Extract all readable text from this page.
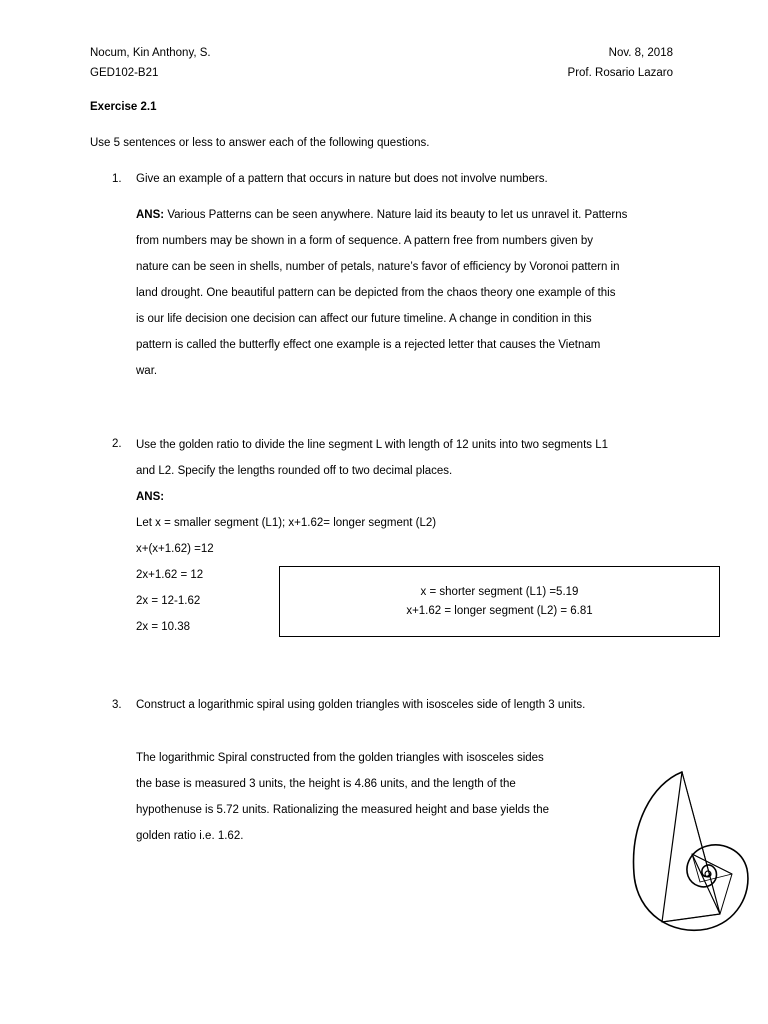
Nocum, Kin Anthony, S.
GED102-B21
Nov. 8, 2018
Prof. Rosario Lazaro
Exercise 2.1
Use 5 sentences or less to answer each of the following questions.
1. Give an example of a pattern that occurs in nature but does not involve numbers.
ANS: Various Patterns can be seen anywhere. Nature laid its beauty to let us unravel it. Patterns
from numbers may be shown in a form of sequence. A pattern free from numbers given by
nature can be seen in shells, number of petals, nature’s favor of efficiency by Voronoi pattern in
land drought. One beautiful pattern can be depicted from the chaos theory one example of this
is our life decision one decision can affect our future timeline. A change in condition in this
pattern is called the butterfly effect one example is a rejected letter that causes the Vietnam
war.
2. Use the golden ratio to divide the line segment L with length of 12 units into two segments L1
and L2. Specify the lengths rounded off to two decimal places.
ANS:
Let x = smaller segment (L1); x+1.62= longer segment (L2)
x+(x+1.62) =12
2x+1.62 = 12
2x = 12-1.62
2x = 10.38
x = shorter segment (L1) =5.19
x+1.62 = longer segment (L2) = 6.81
3. Construct a logarithmic spiral using golden triangles with isosceles side of length 3 units.
The logarithmic Spiral constructed from the golden triangles with isosceles sides
the base is measured 3 units, the height is 4.86 units, and the length of the
hypothenuse is 5.72 units. Rationalizing the measured height and base yields the
golden ratio i.e. 1.62.
